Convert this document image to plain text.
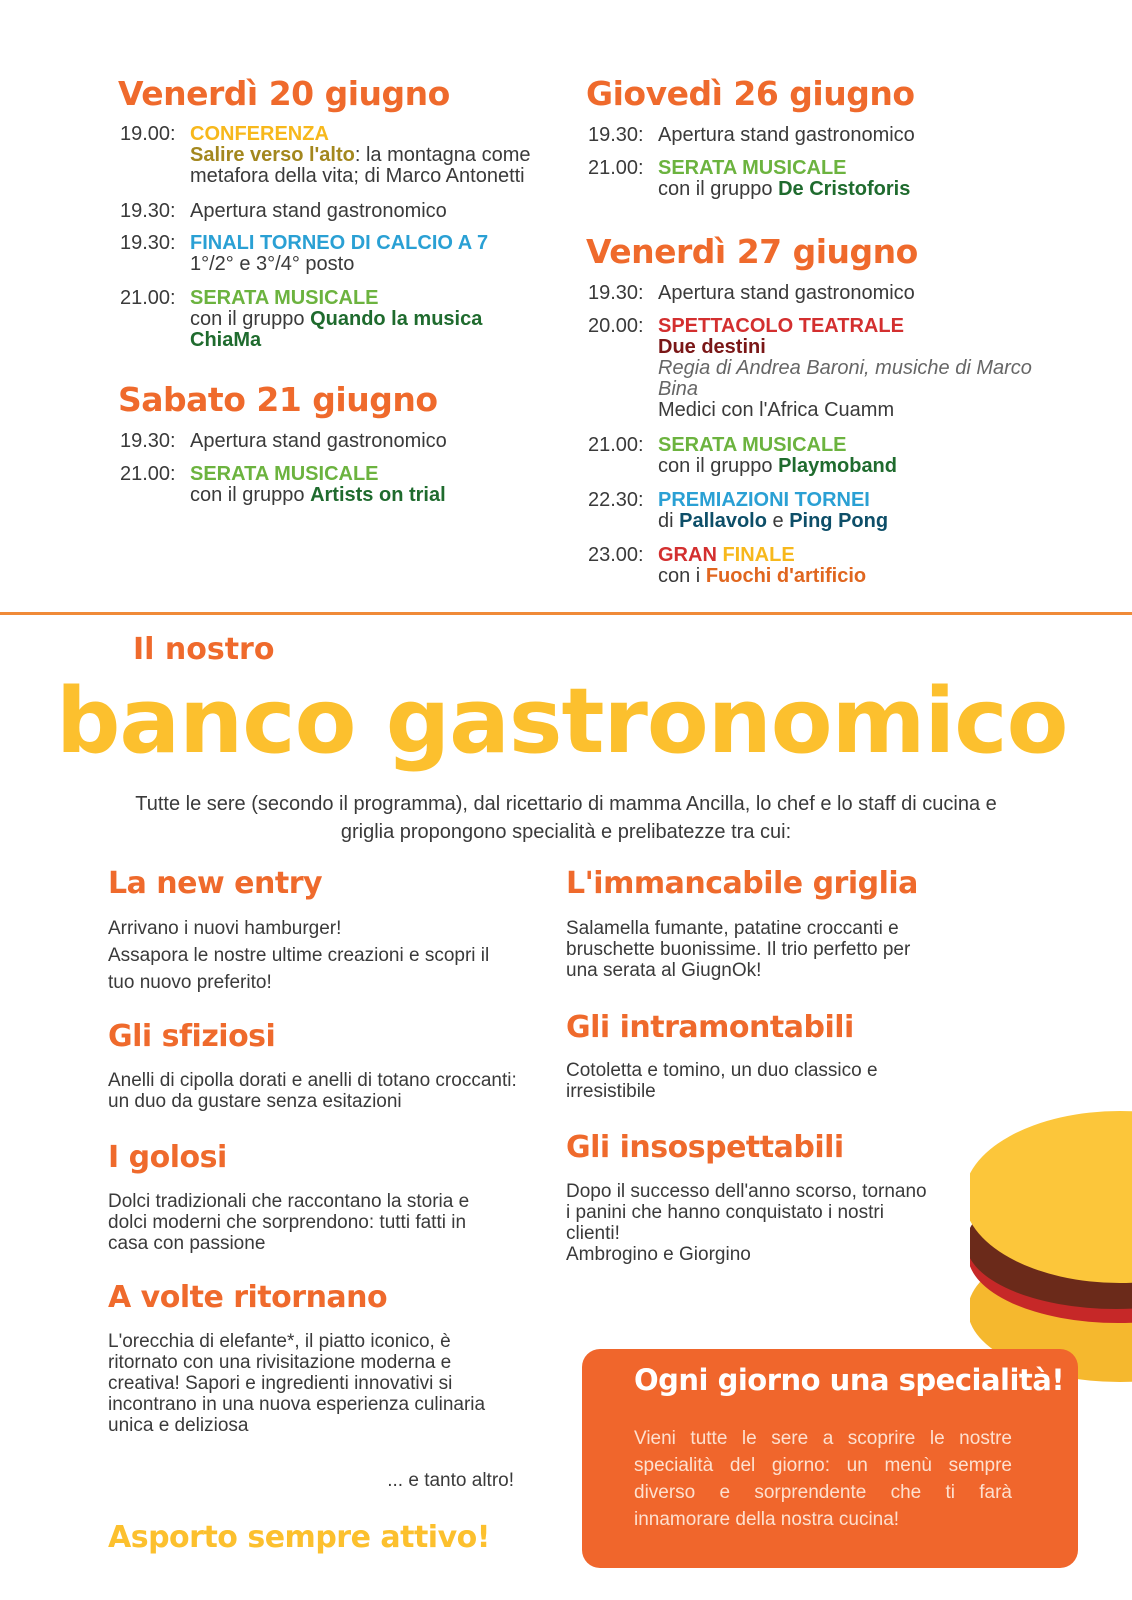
Venerdì 20 giugno
19.00: CONFERENZA
Salire verso l'alto: la montagna come metafora della vita; di Marco Antonetti
19.30: Apertura stand gastronomico
19.30: FINALI TORNEO DI CALCIO A 7
1°/2° e 3°/4° posto
21.00: SERATA MUSICALE
con il gruppo Quando la musica ChiaMa
Sabato 21 giugno
19.30: Apertura stand gastronomico
21.00: SERATA MUSICALE
con il gruppo Artists on trial
Giovedì 26 giugno
19.30: Apertura stand gastronomico
21.00: SERATA MUSICALE
con il gruppo De Cristoforis
Venerdì 27 giugno
19.30: Apertura stand gastronomico
20.00: SPETTACOLO TEATRALE
Due destini
Regia di Andrea Baroni, musiche di Marco Bina
Medici con l'Africa Cuamm
21.00: SERATA MUSICALE
con il gruppo Playmoband
22.30: PREMIAZIONI TORNEI
di Pallavolo e Ping Pong
23.00: GRAN FINALE
con i Fuochi d'artificio
Il nostro
banco gastronomico

Tutte le sere (secondo il programma), dal ricettario di mamma Ancilla, lo chef e lo staff di cucina e griglia propongono specialità e prelibatezze tra cui:

La new entry

Arrivano i nuovi hamburger!

Assapora le nostre ultime creazioni e scopri il tuo nuovo preferito!

Gli sfiziosi

Anelli di cipolla dorati e anelli di totano croccanti: un duo da gustare senza esitazioni

I golosi

Dolci tradizionali che raccontano la storia e dolci moderni che sorprendono: tutti fatti in casa con passione

A volte ritornano

L'orecchia di elefante*, il piatto iconico, è ritornato con una rivisitazione moderna e creativa! Sapori e ingredienti innovativi si incontrano in una nuova esperienza culinaria unica e deliziosa

... e tanto altro!

Asporto sempre attivo!
L'immancabile griglia

Salamella fumante, patatine croccanti e bruschette buonissime. Il trio perfetto per una serata al GiugnOk!

Gli intramontabili

Cotoletta e tomino, un duo classico e irresistibile

Gli insospettabili

Dopo il successo dell'anno scorso, tornano i panini che hanno conquistato i nostri clienti!

Ambrogino e Giorgino

Ogni giorno una specialità!

Vieni tutte le sere a scoprire le nostre specialità del giorno: un menù sempre diverso e sorprendente che ti farà innamorare della nostra cucina!
